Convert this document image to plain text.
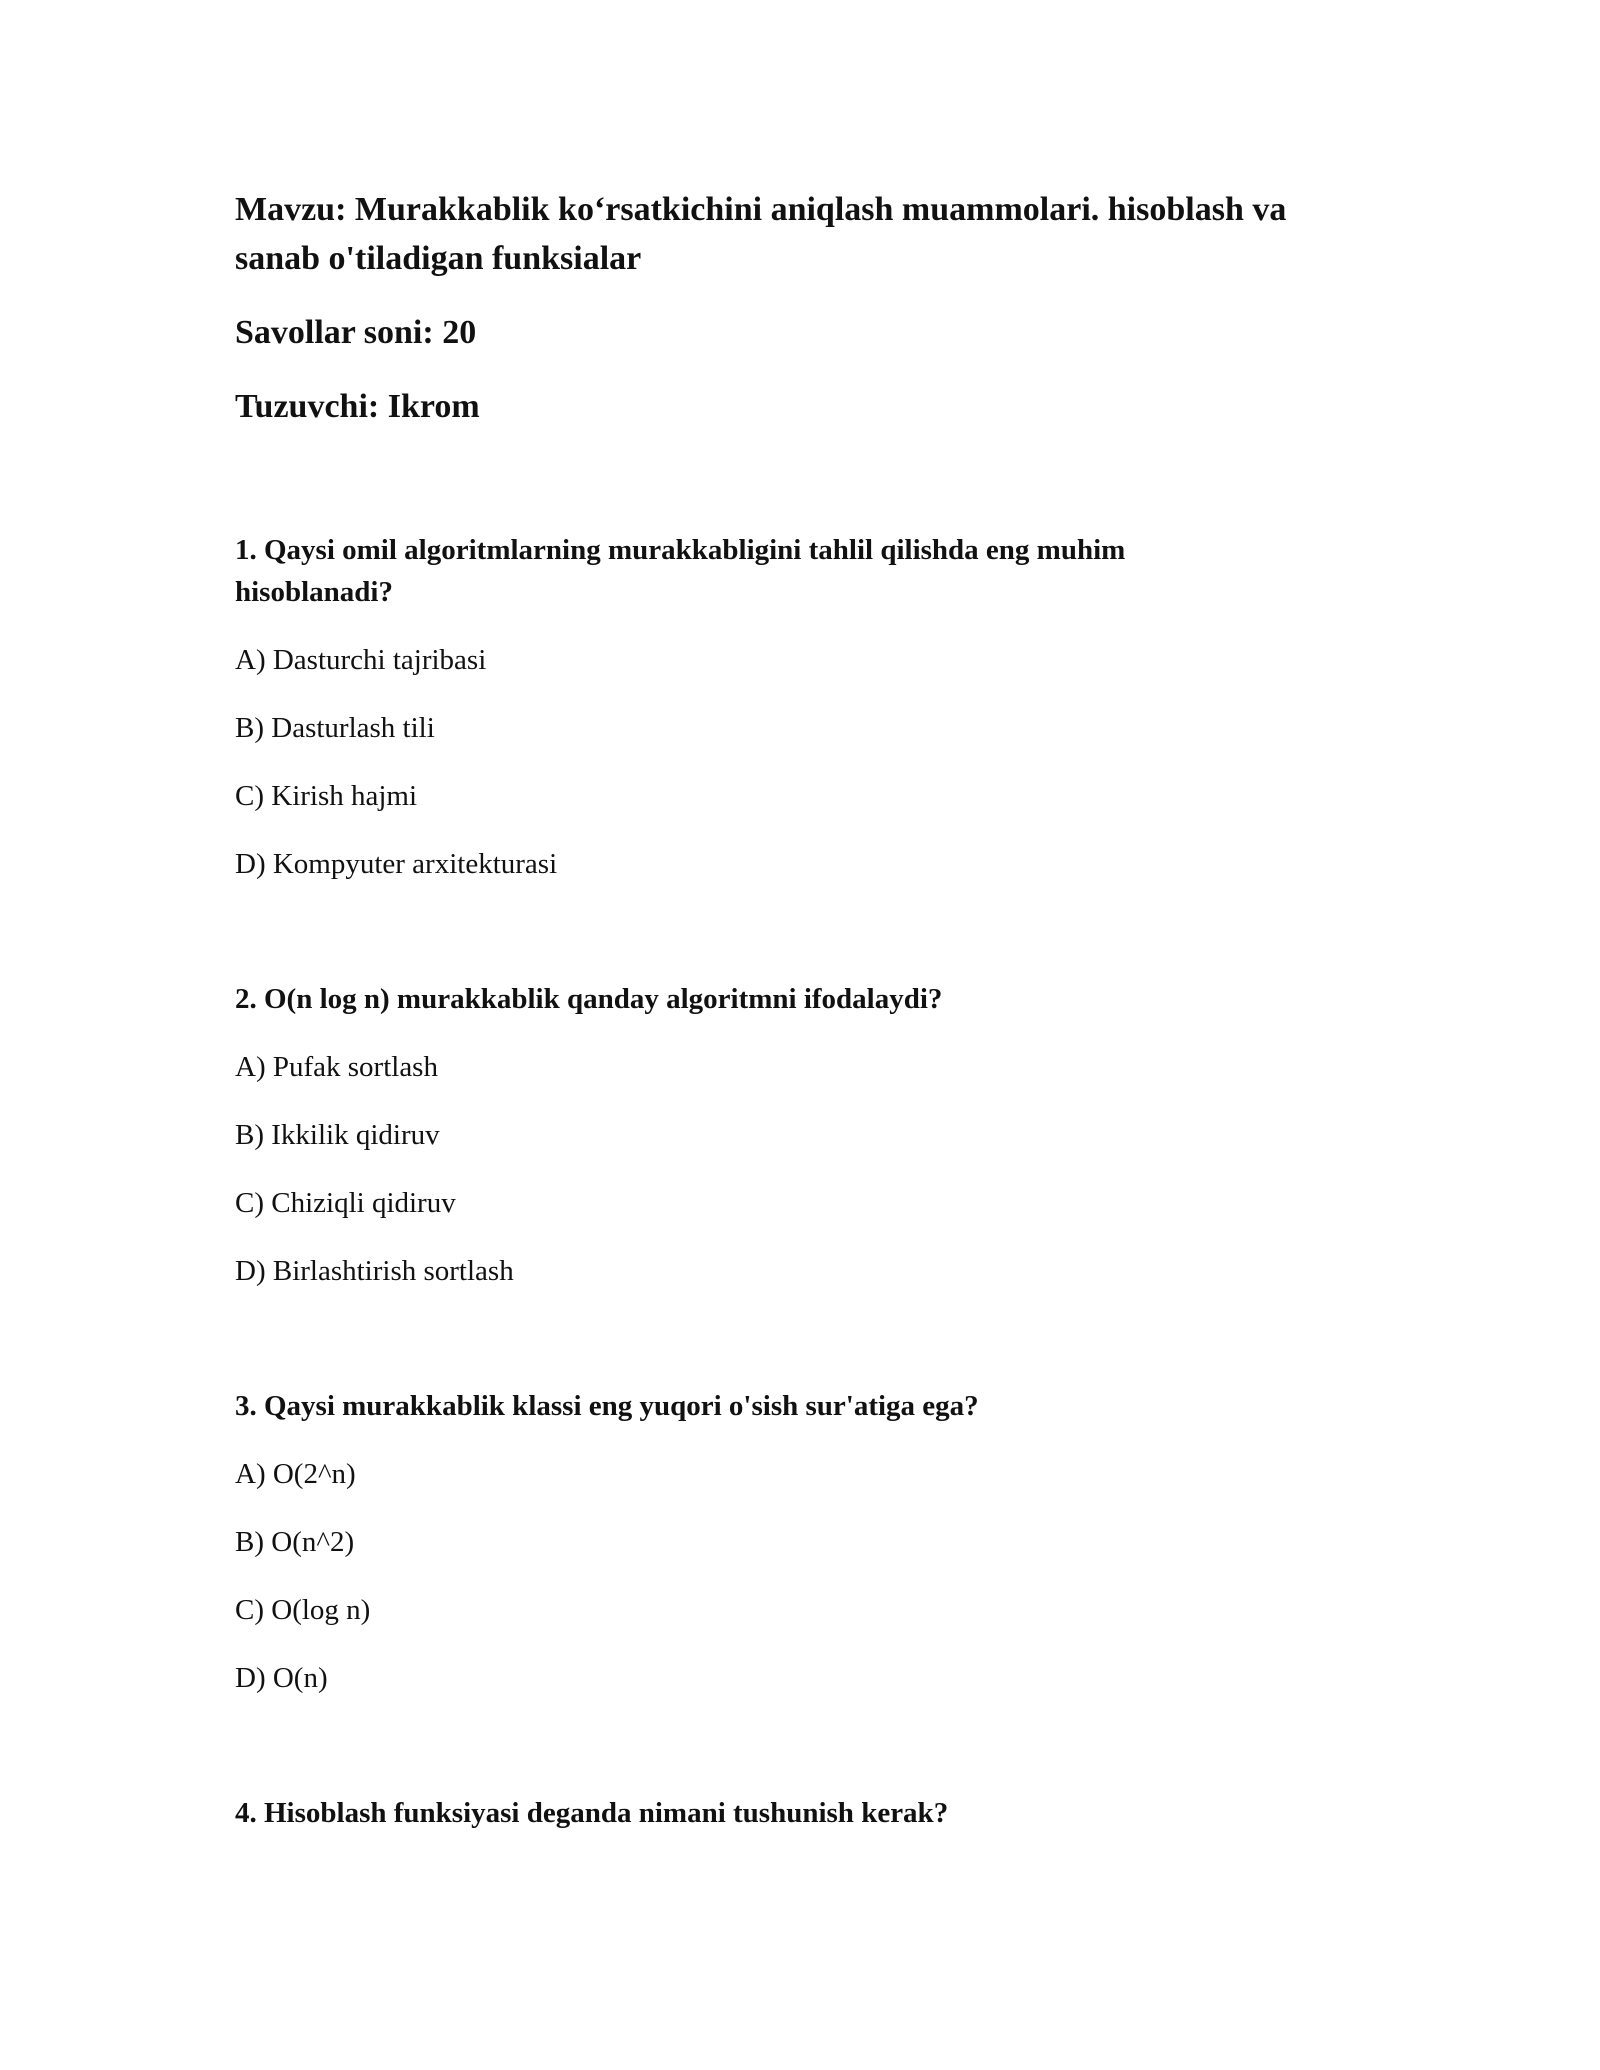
Mavzu: Murakkablik ko‘rsatkichini aniqlash muammolari. hisoblash va sanab o'tiladigan funksialar

Savollar soni: 20

Tuzuvchi: Ikrom

1. Qaysi omil algoritmlarning murakkabligini tahlil qilishda eng muhim hisoblanadi?

A) Dasturchi tajribasi

B) Dasturlash tili

C) Kirish hajmi

D) Kompyuter arxitekturasi

2. O(n log n) murakkablik qanday algoritmni ifodalaydi?

A) Pufak sortlash

B) Ikkilik qidiruv

C) Chiziqli qidiruv

D) Birlashtirish sortlash

3. Qaysi murakkablik klassi eng yuqori o'sish sur'atiga ega?

A) O(2^n)

B) O(n^2)

C) O(log n)

D) O(n)

4. Hisoblash funksiyasi deganda nimani tushunish kerak?
